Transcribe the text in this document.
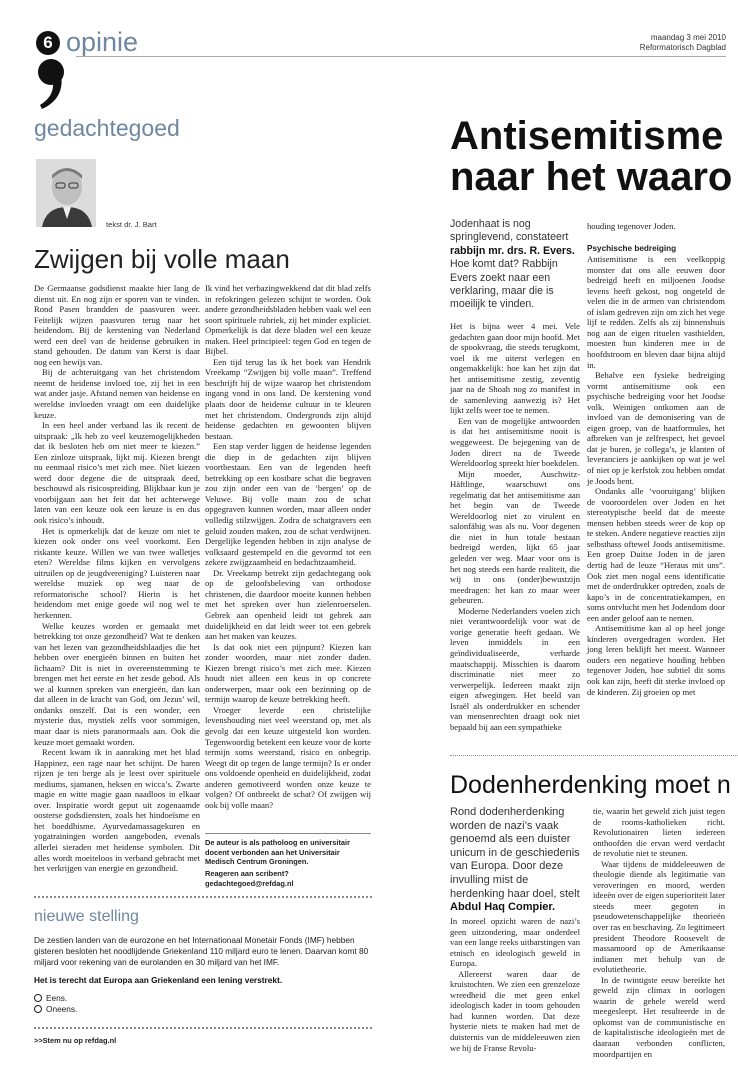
6 opinie	maandag 3 mei 2010
Reformatorisch Dagblad
gedachtegoed
tekst dr. J. Bart
Zwijgen bij volle maan

De Germaanse godsdienst maakte hier lang de dienst uit. En nog zijn er sporen van te vinden. Rond Pasen brandden de paasvuren weer. Feitelijk wijzen paasvuren terug naar het heidendom. Bij de kerstening van Nederland werd een deel van de heidense gebruiken in stand gehouden. De datum van Kerst is daar nog een bewijs van.

Bij de achteruitgang van het christendom neemt de heidense invloed toe, zij het in een wat ander jasje. Afstand nemen van heidense en wereldse invloeden vraagt om een duidelijke keuze.

In een heel ander verband las ik recent de uitspraak: „Ik heb zo veel keuzemogelijkheden dat ik besloten heb om niet meer te kiezen.” Een zinloze uitspraak, lijkt mij. Kiezen brengt nu eenmaal risico’s met zich mee. Niet kiezen werd door degene die de uitspraak deed, beschouwd als risicospreiding. Blijkbaar kun je voorbijgaan aan het feit dat het achterwege laten van een keuze ook een keuze is en dus ook risico’s inhoudt.

Het is opmerkelijk dat de keuze om niet te kiezen ook onder ons veel voorkomt. Een riskante keuze. Willen we van twee walletjes eten? Wereldse films kijken en vervolgens uitruilen op de jeugdvereniging? Luisteren naar wereldse muziek op weg naar de reformatorische school? Hierin is het heidendom met enige goede wil nog wel te herkennen.

Welke keuzes worden er gemaakt met betrekking tot onze gezondheid? Wat te denken van het lezen van gezondheidsblaadjes die het hebben over energieën binnen en buiten het lichaam? Dit is niet in overeenstemming te brengen met het eerste en het zesde gebod. Als we al kunnen spreken van energieën, dan kan dat alleen in de kracht van God, om Jezus’ wil, ondanks onszelf. Dat is een wonder, een mysterie dus, mystiek zelfs voor sommigen, maar daar is niets paranormaals aan. Ook die keuze moet gemaakt worden.

Recent kwam ik in aanraking met het blad Happinez, een rage naar het schijnt. De haren rijzen je ten berge als je leest over spirituele mediums, sjamanen, heksen en wicca’s. Zwarte magie en witte magie gaan naadloos in elkaar over. Inspiratie wordt geput uit zogenaamde oosterse godsdiensten, zoals het hindoeïsme en het boeddhisme. Ayurvedamassagekuren en yogatrainingen worden aangeboden, evenals allerlei sieraden met heidense symbolen. Dit alles wordt moeiteloos in verband gebracht met het verkrijgen van energie en gezondheid.

Ik vind het verbazingwekkend dat dit blad zelfs in refokringen gelezen schijnt te worden. Ook andere gezondheidsbladen hebben vaak wel een soort spirituele rubriek, zij het minder expliciet. Opmerkelijk is dat deze bladen wel een keuze maken. Heel principieel: tegen God en tegen de Bijbel.

Een tijd terug las ik het boek van Hendrik Vreekamp “Zwijgen bij volle maan”. Treffend beschrijft hij de wijze waarop het christendom ingang vond in ons land. De kerstening vond plaats door de heidense cultuur in te kleuren met het christendom. Ondergronds zijn altijd heidense gedachten en gewoonten blijven bestaan.

Een stap verder liggen de heidense legenden die diep in de gedachten zijn blijven voortbestaan. Een van de legenden heeft betrekking op een kostbare schat die begraven zou zijn onder een van de ‘bergen’ op de Veluwe. Bij volle maan zou de schat opgegraven kunnen worden, maar alleen onder volledig stilzwijgen. Zodra de schatgravers een geluid zouden maken, zou de schat verdwijnen. Dergelijke legenden hebben in zijn analyse de volksaard gestempeld en die gevormd tot een zekere zwijgzaamheid en bedachtzaamheid.

Dr. Vreekamp betrekt zijn gedachtegang ook op de geloofsbeleving van orthodoxe christenen, die daardoor moeite kunnen hebben met het spreken over hun zielenroerselen. Gebrek aan openheid leidt tot gebrek aan duidelijkheid en dat leidt weer tot een gebrek aan het maken van keuzes.

Is dat ook niet een pijnpunt? Kiezen kan zonder woorden, maar niet zonder daden. Kiezen brengt risico’s met zich mee. Kiezen houdt niet alleen een keus in op concrete onderwerpen, maar ook een bezinning op de termijn waarop de keuze betrekking heeft.

Vroeger leverde een christelijke levenshouding niet veel weerstand op, met als gevolg dat een keuze uitgesteld kon worden. Tegenwoordig betekent een keuze voor de korte termijn soms weerstand, risico en onbegrip. Weegt dit op tegen de lange termijn? Is er onder ons voldoende openheid en duidelijkheid, zodat anderen gemotiveerd worden onze keuze te volgen? Of ontbreekt de schat? Of zwijgen wij ook bij volle maan?

De auteur is als patholoog en universitair docent verbonden aan het Universitair Medisch Centrum Groningen.
Reageren aan scribent? gedachtegoed@refdag.nl
nieuwe stelling
De zestien landen van de eurozone en het Internationaal Monetair Fonds (IMF) hebben gisteren besloten het noodlijdende Griekenland 110 miljard euro te lenen. Daarvan komt 80 miljard voor rekening van de eurolanden en 30 miljard van het IMF.
Het is terecht dat Europa aan Griekenland een lening verstrekt.
Eens.
Oneens.
>>Stem nu op refdag.nl
Antisemitisme
naar het waaro
Jodenhaat is nog springlevend, constateert rabbijn mr. drs. R. Evers. Hoe komt dat? Rabbijn Evers zoekt naar een verklaring, maar die is moeilijk te vinden.

Het is bijna weer 4 mei. Vele gedachten gaan door mijn hoofd. Met de spookvraag, die steeds terugkomt, voel ik me uiterst verlegen en ongemakkelijk: hoe kan het zijn dat het antisemitisme zestig, zeventig jaar na de Shoah nog zo manifest in de samenleving aanwezig is? Het lijkt zelfs weer toe te nemen.

Een van de mogelijke antwoorden is dat het antisemitisme nooit is weggeweest. De bejegening van de Joden direct na de Tweede Wereldoorlog spreekt hier boekdelen.

Mijn moeder, Auschwitz-Häftlinge, waarschuwt ons regelmatig dat het antisemitisme aan het begin van de Tweede Wereldoorlog niet zo virulent en salonfähig was als nu. Voor degenen die niet in hun totale bestaan bedreigd werden, lijkt 65 jaar geleden ver weg. Maar voor ons is het nog steeds een harde realiteit, die wij in ons (onder)bewustzijn meedragen: het kan zo maar weer gebeuren.

Moderne Nederlanders voelen zich niet verantwoordelijk voor wat de vorige generatie heeft gedaan. We leven inmiddels in een geïndividualiseerde, verharde maatschappij. Misschien is daarom discriminatie niet meer zo verwerpelijk. Iedereen maakt zijn eigen afwegingen. Het beeld van Israël als onderdrukker en schender van mensenrechten draagt ook niet bepaald bij aan een sympathieke

houding tegenover Joden.

Psychische bedreiging

Antisemitisme is een veelkoppig monster dat ons alle eeuwen door bedreigd heeft en miljoenen Joodse levens heeft gekost, nog ongeteld de velen die in de armen van christendom of islam gedreven zijn om zich het vege lijf te redden. Zelfs als zij binnenshuis nog aan de eigen rituelen vasthielden, moesten hun kinderen mee in de hoofdstroom en bleven daar bijna altijd in.

Behalve een fysieke bedreiging vormt antisemitisme ook een psychische bedreiging voor het Joodse volk. Weinigen ontkomen aan de invloed van de demonisering van de eigen groep, van de haatformules, het afbreken van je zelfrespect, het gevoel dat je buren, je collega’s, je klanten of leveranciers je aankijken op wat je wel of niet op je kerfstok zou hebben omdat je Joods bent.

Ondanks alle ‘vooruitgang’ blijken de vooroordelen over Joden en het stereotypische beeld dat de meeste mensen hebben steeds weer de kop op te steken. Andere negatieve reacties zijn selbsthass oftewel Joods antisemitisme. Een groep Duitse Joden in de jaren dertig had de leuze “Heraus mit uns”. Ook ziet men nogal eens identificatie met de onderdrukker optreden, zoals de kapo’s in de concentratiekampen, en soms ontvlucht men het Jodendom door een ander geloof aan te nemen.

Antisemitisme kan al op heel jonge kinderen overgedragen worden. Het jong leren beklijft het meest. Wanneer ouders een negatieve houding hebben tegenover Joden, hoe subtiel dit soms ook kan zijn, heeft dit sterke invloed op de kinderen. Zij groeien op met

Dodenherdenking moet n
Rond dodenherdenking worden de nazi’s vaak genoemd als een duister unicum in de geschiedenis van Europa. Door deze invulling mist de herdenking haar doel, stelt Abdul Haq Compier.

In moreel opzicht waren de nazi’s geen uitzondering, maar onderdeel van een lange reeks uitbarstingen van etnisch en ideologisch geweld in Europa.

Allereerst waren daar de kruistochten. We zien een grenzeloze wreedheid die met geen enkel ideologisch kader in toom gehouden had kunnen worden. Dat deze hysterie niets te maken had met de duisternis van de middeleeuwen zien we bij de Franse Revolu-

tie, waarin het geweld zich juist tegen de rooms-katholieken richt. Revolutionairen lieten iedereen onthoofden die ervan werd verdacht de revolutie niet te steunen.

Waar tijdens de middeleeuwen de theologie diende als legitimatie van veroveringen en moord, werden ideeën over de eigen superioriteit later steeds meer gegoten in pseudowetenschappelijke theorieën over ras en beschaving. Zo legitimeert president Theodore Roosevelt de massamoord op de Amerikaanse indianen met behulp van de evolutietheorie.

In de twintigste eeuw bereikte het geweld zijn climax in oorlogen waarin de gehele wereld werd meegesleept. Het resulteerde in de opkomst van de communistische en de kapitalistische ideologieën met de daaraan verbonden conflicten, moordpartijen en
